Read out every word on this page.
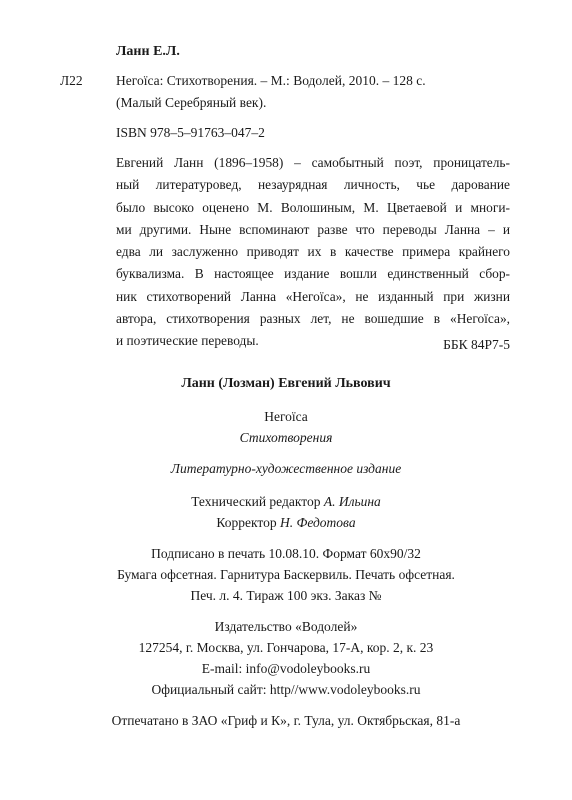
Ланн Е.Л.
Л22 Негоїса: Стихотворения. – М.: Водолей, 2010. – 128 с.
(Малый Серебряный век).
ISBN 978–5–91763–047–2
Евгений Ланн (1896–1958) – самобытный поэт, проницатель-
ный литературовед, незаурядная личность, чье дарование
было высоко оценено М. Волошиным, М. Цветаевой и многи-
ми другими. Ныне вспоминают разве что переводы Ланна – и
едва ли заслуженно приводят их в качестве примера крайнего
буквализма. В настоящее издание вошли единственный сбор-
ник стихотворений Ланна «Негоїса», не изданный при жизни
автора, стихотворения разных лет, не вошедшие в «Негоїса»,
и поэтические переводы.	ББК 84Р7-5
Ланн (Лозман) Евгений Львович
Негоїса
Стихотворения
Литературно-художественное издание
Технический редактор А. Ильина
Корректор Н. Федотова
Подписано в печать 10.08.10. Формат 60х90/32
Бумага офсетная. Гарнитура Баскервиль. Печать офсетная.
Печ. л. 4. Тираж 100 экз. Заказ №
Издательство «Водолей»
127254, г. Москва, ул. Гончарова, 17-А, кор. 2, к. 23
E-mail: info@vodoleybooks.ru
Официальный сайт: http//www.vodoleybooks.ru
Отпечатано в ЗАО «Гриф и К», г. Тула, ул. Октябрьская, 81-а
